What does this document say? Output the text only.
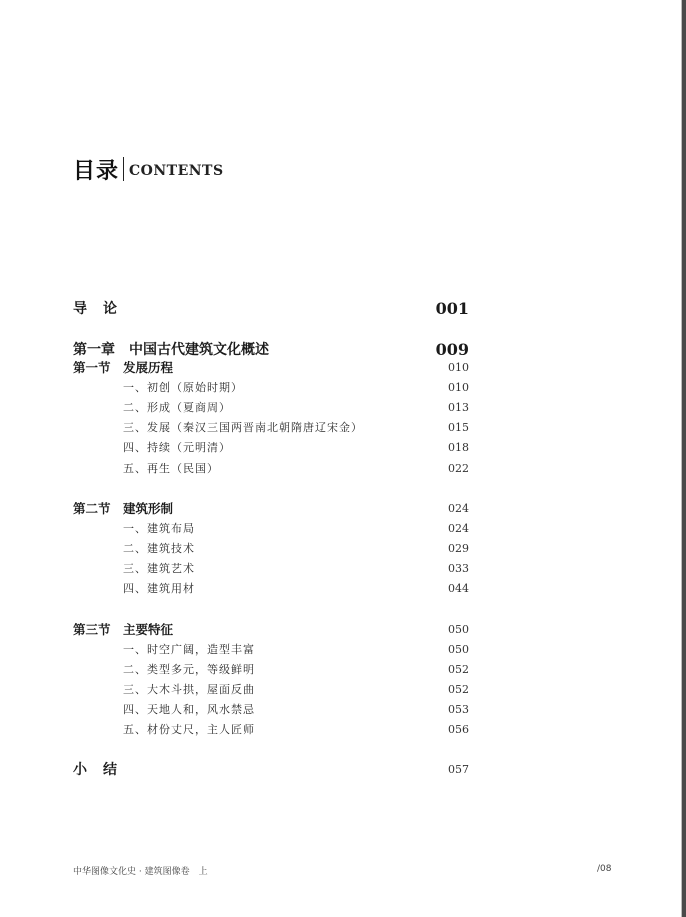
目录 CONTENTS
导论	001
第一章　中国古代建筑文化概述	009
第一节　发展历程	010
一、初创（原始时期）	010
二、形成（夏商周）	013
三、发展（秦汉三国两晋南北朝隋唐辽宋金）	015
四、持续（元明清）	018
五、再生（民国）	022
第二节　建筑形制	024
一、建筑布局	024
二、建筑技术	029
三、建筑艺术	033
四、建筑用材	044
第三节　主要特征	050
一、时空广阔，造型丰富	050
二、类型多元，等级鲜明	052
三、大木斗拱，屋面反曲	052
四、天地人和，风水禁忌	053
五、材份丈尺，主人匠师	056
小结	057
中华图像文化史 · 建筑图像卷　上	/08
